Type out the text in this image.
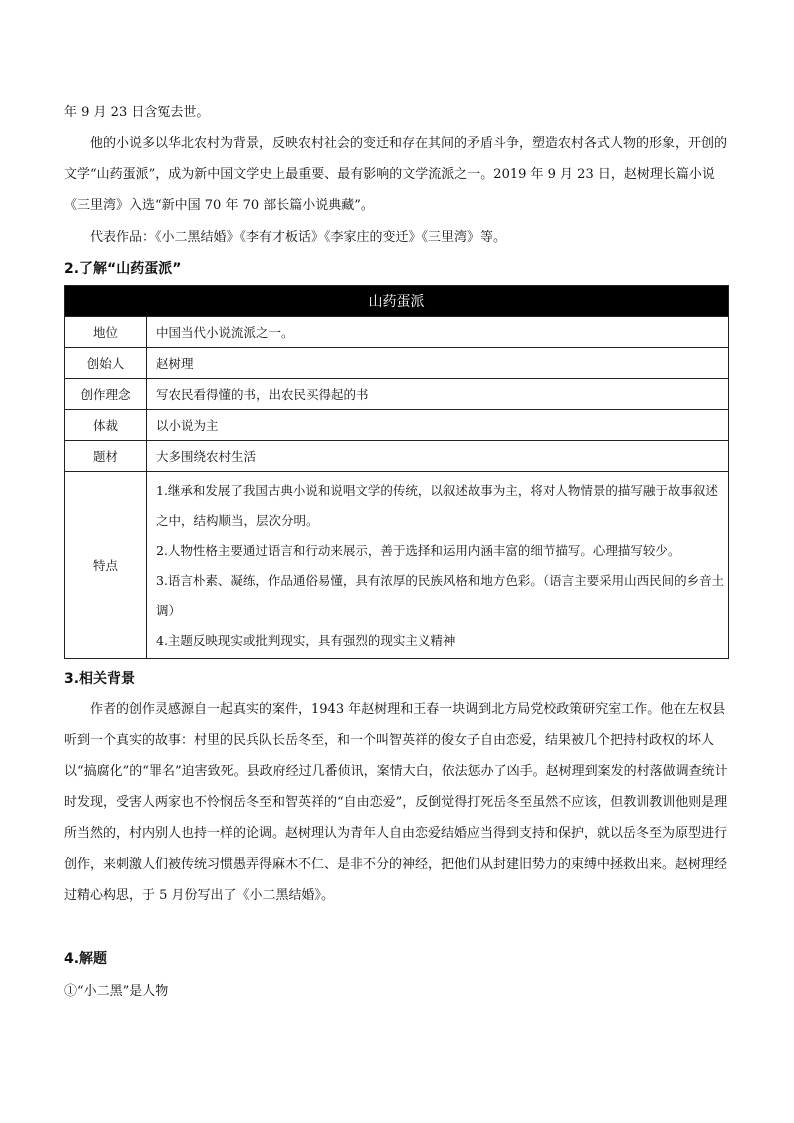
年 9 月 23 日含冤去世。

他的小说多以华北农村为背景，反映农村社会的变迁和存在其间的矛盾斗争，塑造农村各式人物的形象，开创的文学“山药蛋派”，成为新中国文学史上最重要、最有影响的文学流派之一。2019 年 9 月 23 日，赵树理长篇小说《三里湾》入选“新中国 70 年 70 部长篇小说典藏”。

代表作品：《小二黑结婚》《李有才板话》《李家庄的变迁》《三里湾》等。

2.了解“山药蛋派”
山药蛋派	
地位	中国当代小说流派之一。
创始人	赵树理
创作理念	写农民看得懂的书，出农民买得起的书
体裁	以小说为主
题材	大多围绕农村生活
特点	1.继承和发展了我国古典小说和说唱文学的传统，以叙述故事为主，将对人物情景的描写融于故事叙述之中，结构顺当，层次分明。
2.人物性格主要通过语言和行动来展示，善于选择和运用内涵丰富的细节描写。心理描写较少。
3.语言朴素、凝练，作品通俗易懂，具有浓厚的民族风格和地方色彩。（语言主要采用山西民间的乡音土调）
4.主题反映现实或批判现实，具有强烈的现实主义精神
3.相关背景

作者的创作灵感源自一起真实的案件，1943 年赵树理和王春一块调到北方局党校政策研究室工作。他在左权县听到一个真实的故事：村里的民兵队长岳冬至，和一个叫智英祥的俊女子自由恋爱，结果被几个把持村政权的坏人以“搞腐化”的“罪名”迫害致死。县政府经过几番侦讯，案情大白，依法惩办了凶手。赵树理到案发的村落做调查统计时发现，受害人两家也不怜悯岳冬至和智英祥的“自由恋爱”，反倒觉得打死岳冬至虽然不应该，但教训教训他则是理所当然的，村内别人也持一样的论调。赵树理认为青年人自由恋爱结婚应当得到支持和保护，就以岳冬至为原型进行创作，来刺激人们被传统习惯愚弄得麻木不仁、是非不分的神经，把他们从封建旧势力的束缚中拯救出来。赵树理经过精心构思，于 5 月份写出了《小二黑结婚》。

4.解题

①“小二黑”是人物
